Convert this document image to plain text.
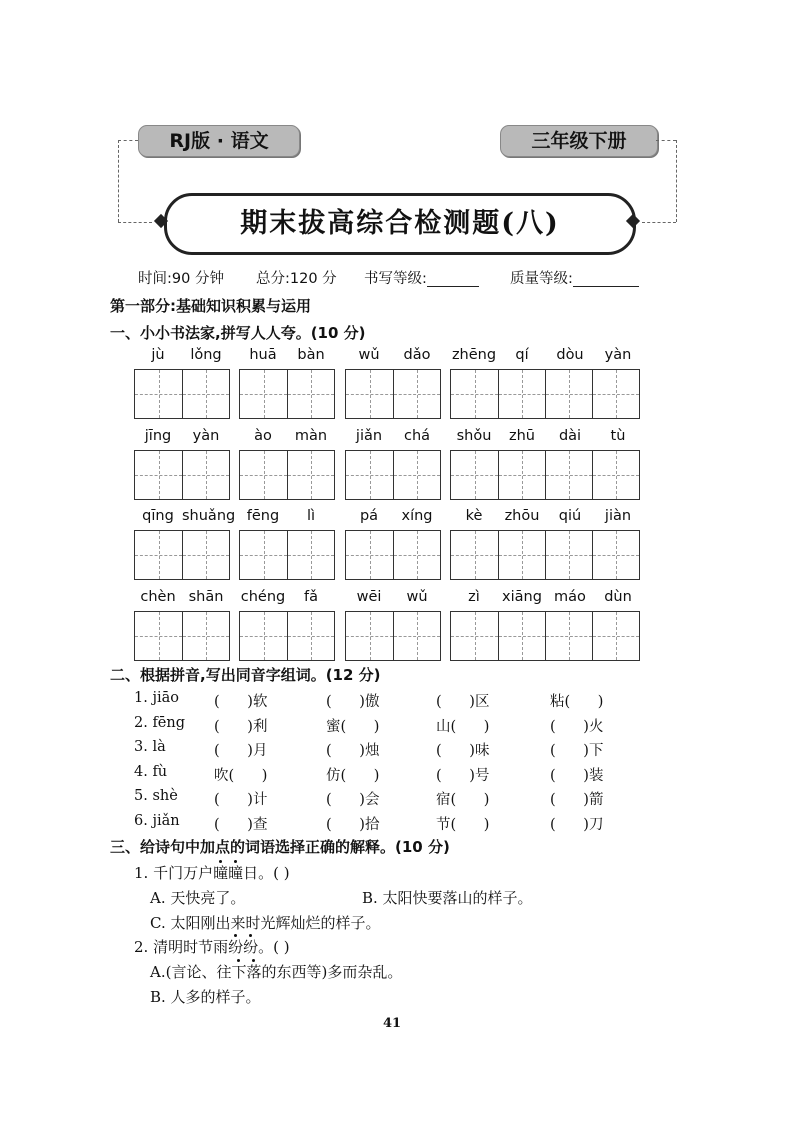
RJ版 · 语文	三年级下册
期末拔高综合检测题(八)
时间:90 分钟 总分:120 分 书写等级:	质量等级:
第一部分:基础知识积累与运用
一、小小书法家,拼写人人夸。(10 分)
jù	lǒng	huā	bàn	wǔ	dǎo	zhēng	qí	dòu	yàn
jīng	yàn	ào	màn	jiǎn	chá	shǒu	zhū	dài	tù
qīng shuǎng fēng	lì	pá	xíng	kè	zhōu	qiú	jiàn
chèn shān	chéng	fǎ	wēi	wǔ	zì	xiāng máo	dùn
二、根据拼音,写出同音字组词。(12 分)
1. jiāo (      )软	(      )傲	(      )区	粘(      )
2. fēng (      )利	蜜(      )	山(      )	(      )火
3. là	(      )月	(      )烛	(      )味	(      )下
4. fù	吹(      )	仿(      )	(      )号	(      )装
5. shè (      )计	(      )会	宿(      )	(      )箭
6. jiǎn (      )查	(      )拾	节(      )	(      )刀
三、给诗句中加点的词语选择正确的解释。(10 分)
1. 千门万户曈曈日。( )
A. 天快亮了。	B. 太阳快要落山的样子。
C. 太阳刚出来时光辉灿烂的样子。
2. 清明时节雨纷纷。( )
A.(言论、往下落的东西等)多而杂乱。
B. 人多的样子。
41
